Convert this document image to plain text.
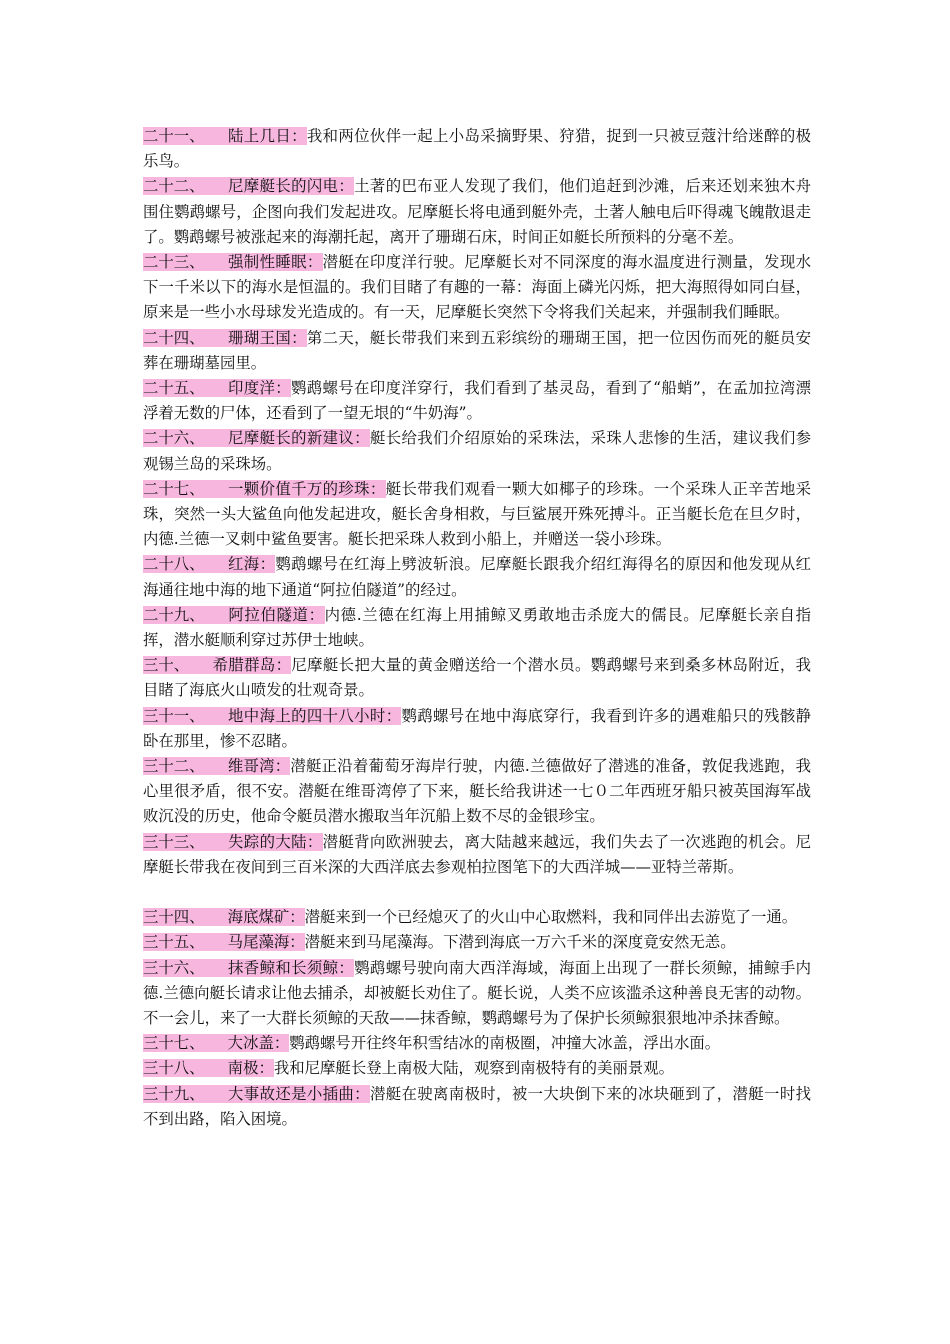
二十一、 陆上几日：我和两位伙伴一起上小岛采摘野果、狩猎，捉到一只被豆蔻汁给迷醉的极乐鸟。

二十二、 尼摩艇长的闪电：土著的巴布亚人发现了我们，他们追赶到沙滩，后来还划来独木舟围住鹦鹉螺号，企图向我们发起进攻。尼摩艇长将电通到艇外壳，土著人触电后吓得魂飞魄散退走了。鹦鹉螺号被涨起来的海潮托起，离开了珊瑚石床，时间正如艇长所预料的分毫不差。

二十三、 强制性睡眠：潜艇在印度洋行驶。尼摩艇长对不同深度的海水温度进行测量，发现水下一千米以下的海水是恒温的。我们目睹了有趣的一幕：海面上磷光闪烁，把大海照得如同白昼，原来是一些小水母球发光造成的。有一天，尼摩艇长突然下令将我们关起来，并强制我们睡眠。

二十四、 珊瑚王国：第二天，艇长带我们来到五彩缤纷的珊瑚王国，把一位因伤而死的艇员安葬在珊瑚墓园里。

二十五、 印度洋：鹦鹉螺号在印度洋穿行，我们看到了基灵岛，看到了“船蛸”，在孟加拉湾漂浮着无数的尸体，还看到了一望无垠的“牛奶海”。

二十六、 尼摩艇长的新建议：艇长给我们介绍原始的采珠法，采珠人悲惨的生活，建议我们参观锡兰岛的采珠场。

二十七、 一颗价值千万的珍珠：艇长带我们观看一颗大如椰子的珍珠。一个采珠人正辛苦地采珠，突然一头大鲨鱼向他发起进攻，艇长舍身相救，与巨鲨展开殊死搏斗。正当艇长危在旦夕时，内德.兰德一叉刺中鲨鱼要害。艇长把采珠人救到小船上，并赠送一袋小珍珠。

二十八、 红海：鹦鹉螺号在红海上劈波斩浪。尼摩艇长跟我介绍红海得名的原因和他发现从红海通往地中海的地下通道“阿拉伯隧道”的经过。

二十九、 阿拉伯隧道：内德.兰德在红海上用捕鲸叉勇敢地击杀庞大的儒艮。尼摩艇长亲自指挥，潜水艇顺利穿过苏伊士地峡。

三十、 希腊群岛：尼摩艇长把大量的黄金赠送给一个潜水员。鹦鹉螺号来到桑多林岛附近，我目睹了海底火山喷发的壮观奇景。

三十一、 地中海上的四十八小时：鹦鹉螺号在地中海底穿行，我看到许多的遇难船只的残骸静卧在那里，惨不忍睹。

三十二、 维哥湾：潜艇正沿着葡萄牙海岸行驶，内德.兰德做好了潜逃的准备，敦促我逃跑，我心里很矛盾，很不安。潜艇在维哥湾停了下来，艇长给我讲述一七０二年西班牙船只被英国海军战败沉没的历史，他命令艇员潜水搬取当年沉船上数不尽的金银珍宝。

三十三、 失踪的大陆：潜艇背向欧洲驶去，离大陆越来越远，我们失去了一次逃跑的机会。尼摩艇长带我在夜间到三百米深的大西洋底去参观柏拉图笔下的大西洋城——亚特兰蒂斯。

三十四、 海底煤矿：潜艇来到一个已经熄灭了的火山中心取燃料，我和同伴出去游览了一通。

三十五、 马尾藻海：潜艇来到马尾藻海。下潜到海底一万六千米的深度竟安然无恙。

三十六、 抹香鲸和长须鲸：鹦鹉螺号驶向南大西洋海域，海面上出现了一群长须鲸，捕鲸手内德.兰德向艇长请求让他去捕杀，却被艇长劝住了。艇长说，人类不应该滥杀这种善良无害的动物。不一会儿，来了一大群长须鲸的天敌——抹香鲸，鹦鹉螺号为了保护长须鲸狠狠地冲杀抹香鲸。

三十七、 大冰盖：鹦鹉螺号开往终年积雪结冰的南极圈，冲撞大冰盖，浮出水面。

三十八、 南极：我和尼摩艇长登上南极大陆，观察到南极特有的美丽景观。

三十九、 大事故还是小插曲：潜艇在驶离南极时，被一大块倒下来的冰块砸到了，潜艇一时找不到出路，陷入困境。
